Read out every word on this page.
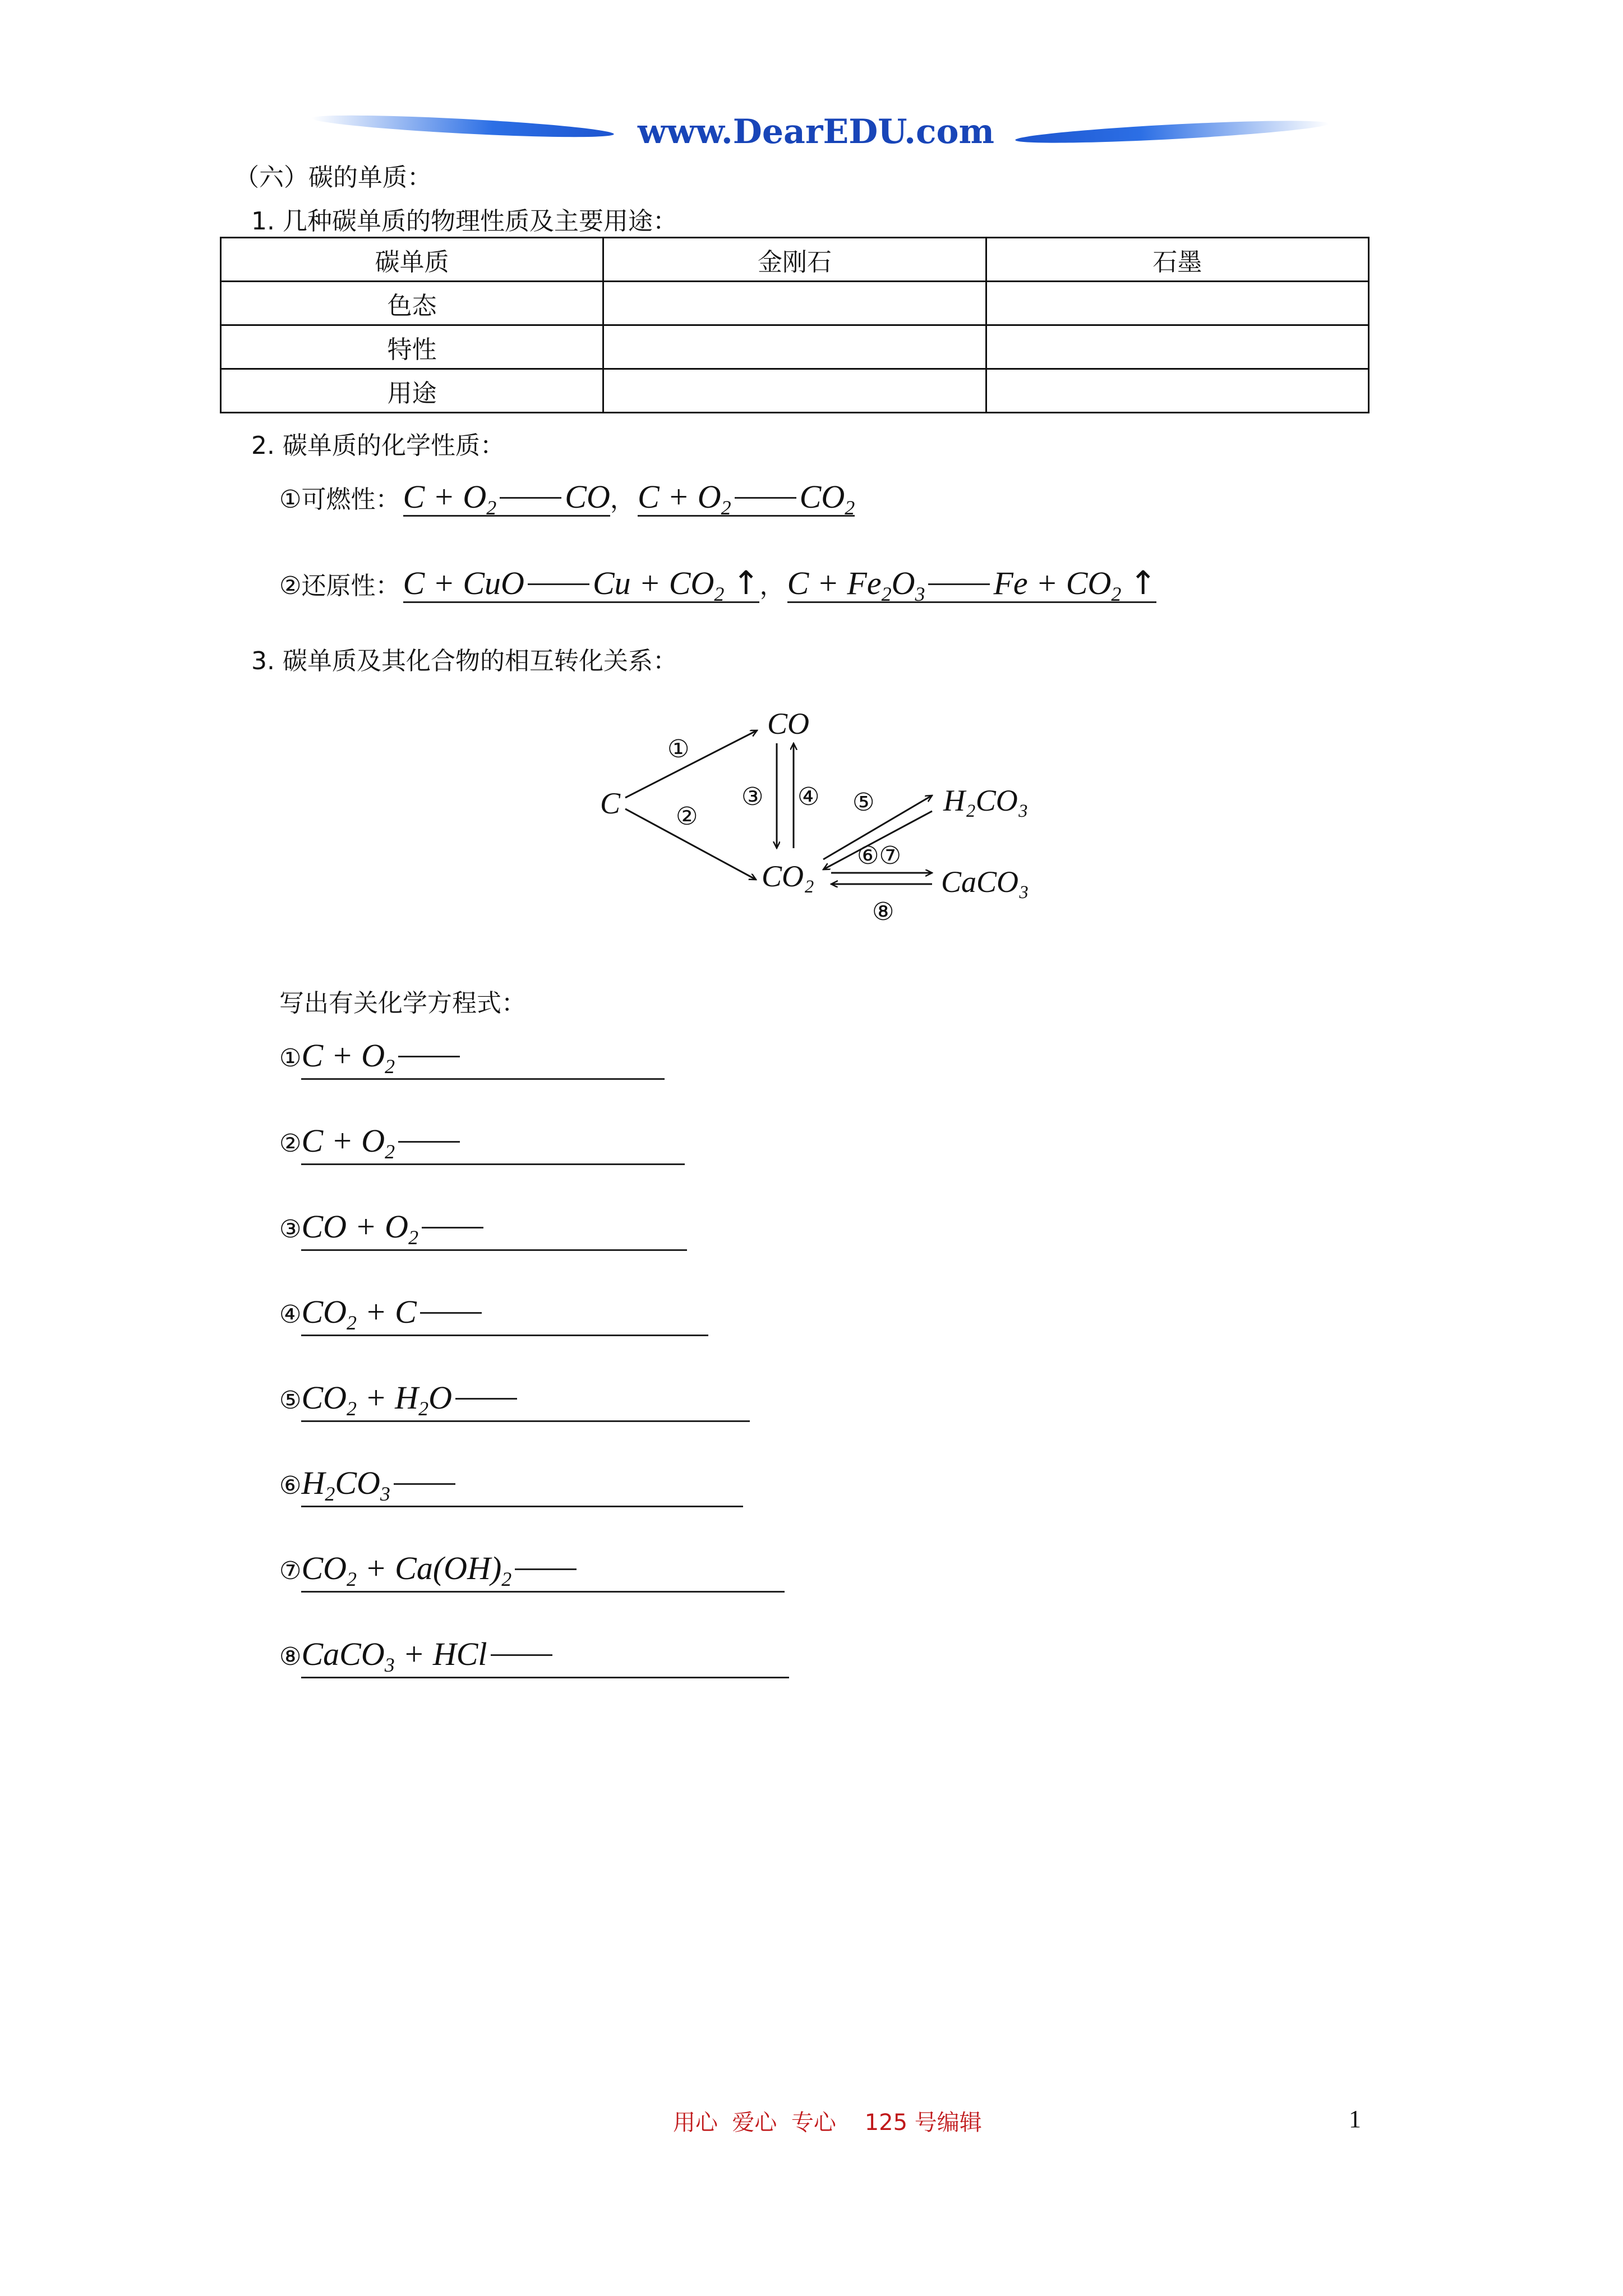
www.DearEDU.com
（六）碳的单质：
1. 几种碳单质的物理性质及主要用途：
碳单质	金刚石	石墨
色态		
特性		
用途		
2. 碳单质的化学性质：
①可燃性： $C + O_2$ CO， $C + O_2$ $CO_2$
②还原性： C + CuO $Cu + CO_2$ ↑， $C + Fe_2O_3$ $Fe + CO_2$ ↑
3. 碳单质及其化合物的相互转化关系：
C
CO
CO₂
H₂CO₃
CaCO₃
①
②
③ ④ ⑤
⑥⑦
⑧
写出有关化学方程式：
①C + $O_2$
②C + $O_2$
③CO + $O_2$
$④CO_2 + C$
$⑤CO_2 + H_2O$
$⑥H_2CO_3$
$⑦CO_2 + Ca(OH)_2$
⑧CaCO$_3$ + HCl
用心  爱心  专心    125 号编辑	1
